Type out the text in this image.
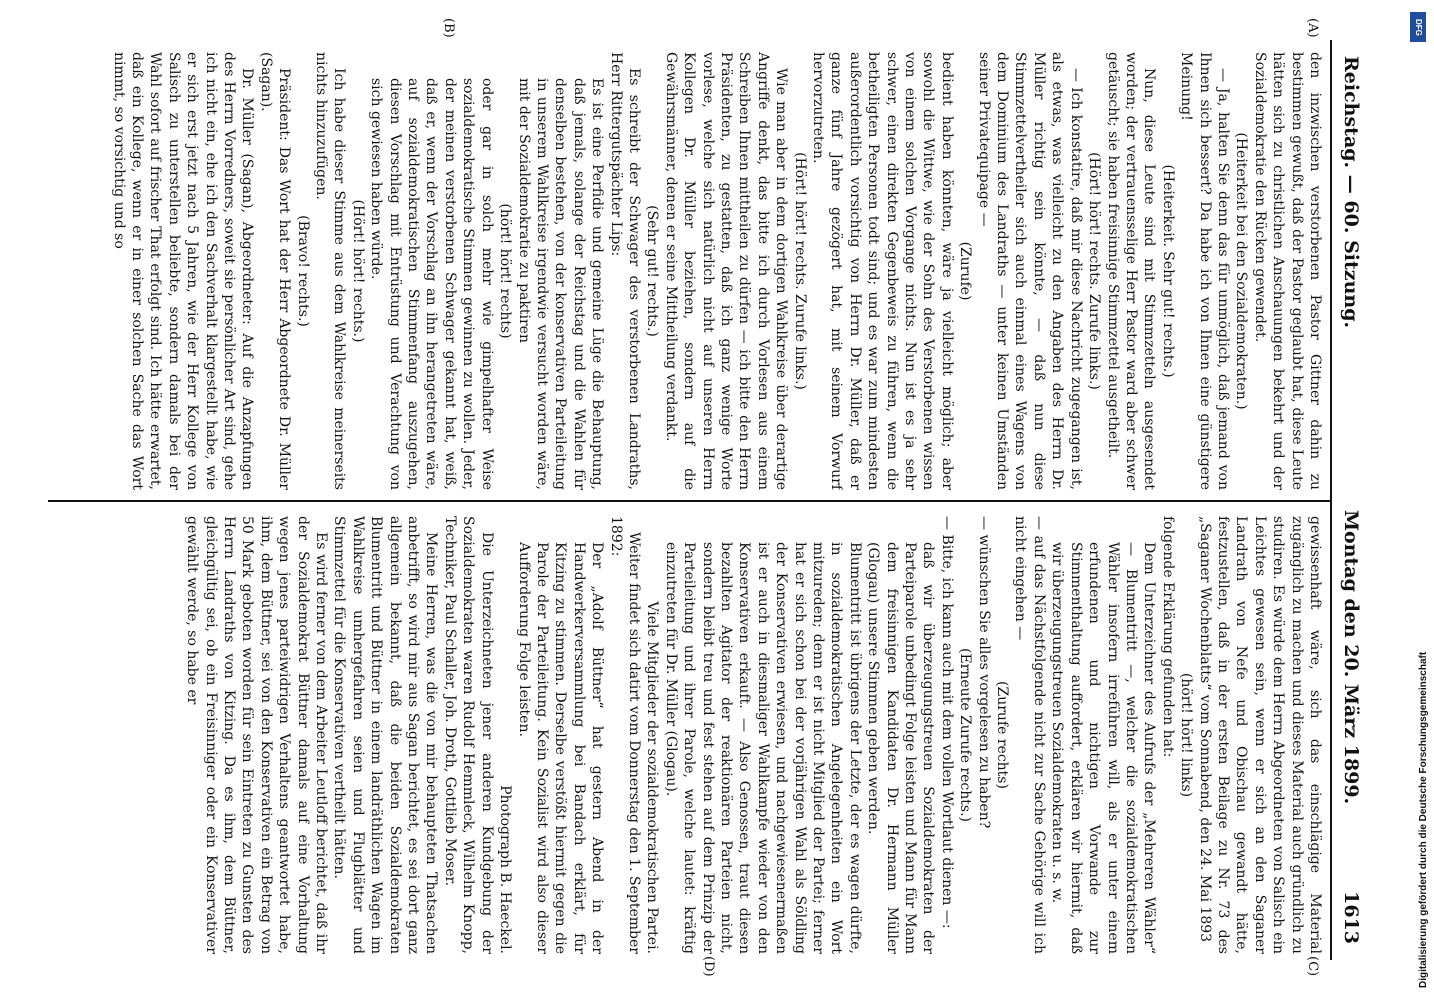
Reichstag. — 60. Sitzung.
Montag den 20. März 1899.
1613
(A)
(B)
(C)
(D)

den inzwischen verstorbenen Pastor Gittner dahin zu bestimmen gewußt, daß der Pastor geglaubt hat, diese Leute hätten sich zu christlichen Anschauungen bekehrt und der Sozialdemokratie den Rücken gewendet.

(Heiterkeit bei den Sozialdemokraten.)

— Ja, halten Sie denn das für unmöglich, daß jemand von Ihnen sich bessert? Da habe ich von Ihnen eine günstigere Meinung!

(Heiterkeit. Sehr gut! rechts.)

Nun, diese Leute sind mit Stimmzetteln ausgesendet worden; der vertrauensselige Herr Pastor ward aber schwer getäuscht; sie haben freisinnige Stimmzettel ausgetheilt.

(Hört! hört! rechts. Zurufe links.)

— Ich konstatire, daß mir diese Nachricht zugegangen ist, als etwas, was vielleicht zu den Angaben des Herrn Dr. Müller richtig sein könnte, — daß nun diese Stimmzettelvertheiler sich auch einmal eines Wagens von dem Dominium des Landraths — unter keinen Umständen seiner Privatequipage —

(Zurufe)

bedient haben könnten, wäre ja vielleicht möglich; aber sowohl die Wittwe, wie der Sohn des Verstorbenen wissen von einem solchen Vorgange nichts. Nun ist es ja sehr schwer, einen direkten Gegenbeweis zu führen, wenn die betheiligten Personen todt sind; und es war zum mindesten außerordentlich vorsichtig von Herrn Dr. Müller, daß er ganze fünf Jahre gezögert hat, mit seinem Vorwurf hervorzutreten.

(Hört! hört! rechts. Zurufe links.)

Wie man aber in dem dortigen Wahlkreise über derartige Angriffe denkt, das bitte ich durch Vorlesen aus einem Schreiben Ihnen mittheilen zu dürfen — ich bitte den Herrn Präsidenten, zu gestatten, daß ich ganz wenige Worte vorlese, welche sich natürlich nicht auf unseren Herrn Kollegen Dr. Müller beziehen, sondern auf die Gewährsmänner, denen er seine Mittheilung verdankt.

(Sehr gut! rechts.)

Es schreibt der Schwager des verstorbenen Landraths, Herr Rittergutspächter Lips:

Es ist eine Perfidie und gemeine Lüge die Behauptung, daß jemals, solange der Reichstag und die Wahlen für denselben bestehen, von der konservativen Parteileitung in unserem Wahlkreise irgendwie versucht worden wäre, mit der Sozialdemokratie zu paktiren

(hört! hört! rechts)

oder gar in solch mehr wie gimpelhafter Weise sozialdemokratische Stimmen gewinnen zu wollen. Jeder, der meinen verstorbenen Schwager gekannt hat, weiß, daß er, wenn der Vorschlag an ihn herangetreten wäre, auf sozialdemokratischen Stimmenfang auszugehen, diesen Vorschlag mit Entrüstung und Verachtung von sich gewiesen haben würde.

(Hört! hört! rechts.)

Ich habe dieser Stimme aus dem Wahlkreise meinerseits nichts hinzuzufügen.

(Bravo! rechts.)

Präsident: Das Wort hat der Herr Abgeordnete Dr. Müller (Sagan).

Dr. Müller (Sagan), Abgeordneter: Auf die Anzapfungen des Herrn Vorredners, soweit sie persönlicher Art sind, gehe ich nicht ein, ehe ich den Sachverhalt klargestellt habe, wie er sich erst jetzt nach 5 Jahren, wie der Herr Kollege von Salisch zu unterstellen beliebte, sondern damals bei der Wahl sofort auf frischer That erfolgt sind. Ich hätte erwartet, daß ein Kollege, wenn er in einer solchen Sache das Wort nimmt, so vorsichtig und so

gewissenhaft wäre, sich das einschlägige Material zugänglich zu machen und dieses Material auch gründlich zu studiren. Es würde dem Herrn Abgeordneten von Salisch ein Leichtes gewesen sein, wenn er sich an den Saganer Landrath von Nefe und Obischau gewandt hätte, festzustellen, daß in der ersten Beilage zu Nr. 73 des „Saganer Wochenblatts“ vom Sonnabend, den 24. Mai 1893

(hört! hört! links)

folgende Erklärung gefunden hat:

Dem Unterzeichner des Aufrufs der „Mehreren Wähler“ — Blumentritt —, welcher die sozialdemokratischen Wähler insofern irreführen will, als er unter einem erfundenen und nichtigen Vorwande zur Stimmenthaltung auffordert, erklären wir hiermit, daß wir überzeugungstreuen Sozialdemokraten u. s. w.

— auf das Nächstfolgende nicht zur Sache Gehörige will ich nicht eingehen —

(Zurufe rechts)

— wünschen Sie alles vorgelesen zu haben?

(Erneute Zurufe rechts.)

— Bitte, ich kann auch mit dem vollen Wortlaut dienen —:

daß wir überzeugungstreuen Sozialdemokraten der Parteiparole unbedingt Folge leisten und Mann für Mann dem freisinnigen Kandidaten Dr. Hermann Müller (Glogau) unsere Stimmen geben werden.

Blumentritt ist übrigens der Letzte, der es wagen dürfte, in sozialdemokratischen Angelegenheiten ein Wort mitzureden; denn er ist nicht Mitglied der Partei; ferner hat er sich schon bei der vorjährigen Wahl als Söldling der Konservativen erwiesen, und nachgewiesenermaßen ist er auch in diesmaliger Wahlkampfe wieder von den Konservativen erkauft. — Also Genossen, traut diesen bezahlten Agitator der reaktionären Parteien nicht, sondern bleibt treu und fest stehen auf dem Prinzip der Parteileitung und ihrer Parole, welche lautet: kräftig einzutreten für Dr. Müller (Glogau).

Viele Mitglieder der sozialdemokratischen Partei.

Weiter findet sich datirt vom Donnerstag den 1. September 1892:

Der „Adolf Büttner“ hat gestern Abend in der Handwerkerversammlung bei Bandach erklärt, für Kitzing zu stimmen. Derselbe verstößt hiermit gegen die Parole der Parteileitung. Kein Sozialist wird also dieser Aufforderung Folge leisten.

Photograph B. Haeckel.

Die Unterzeichneten jener anderen Kundgebung der Sozialdemokraten waren Rudolf Hemmleck, Wilhelm Knopp, Techniker, Paul Schaller, Joh. Droth, Gottlieb Moser.

Meine Herren, was die von mir behaupteten Thatsachen anbetrifft, so wird mir aus Sagan berichtet, es sei dort ganz allgemein bekannt, daß die beiden Sozialdemokraten Blumentritt und Büttner in einem landräthlichen Wagen im Wahlkreise umhergefahren seien und Flugblätter und Stimmzettel für die Konservativen vertheilt hätten.

Es wird ferner von dem Arbeiter Leutloff berichtet, daß ihr der Sozialdemokrat Büttner damals auf eine Vorhaltung wegen jenes parteiwidrigen Verhaltens geantwortet habe, ihm, dem Büttner, sei von den Konservativen ein Betrag von 50 Mark geboten worden für sein Eintreten zu Gunsten des Herrn Landraths von Kitzing. Da es ihm, dem Büttner, gleichgültig sei, ob ein Freisinniger oder ein Konservativer gewählt werde, so habe er

DFG
Digitalisierung gefördert durch die Deutsche Forschungsgemeinschaft
